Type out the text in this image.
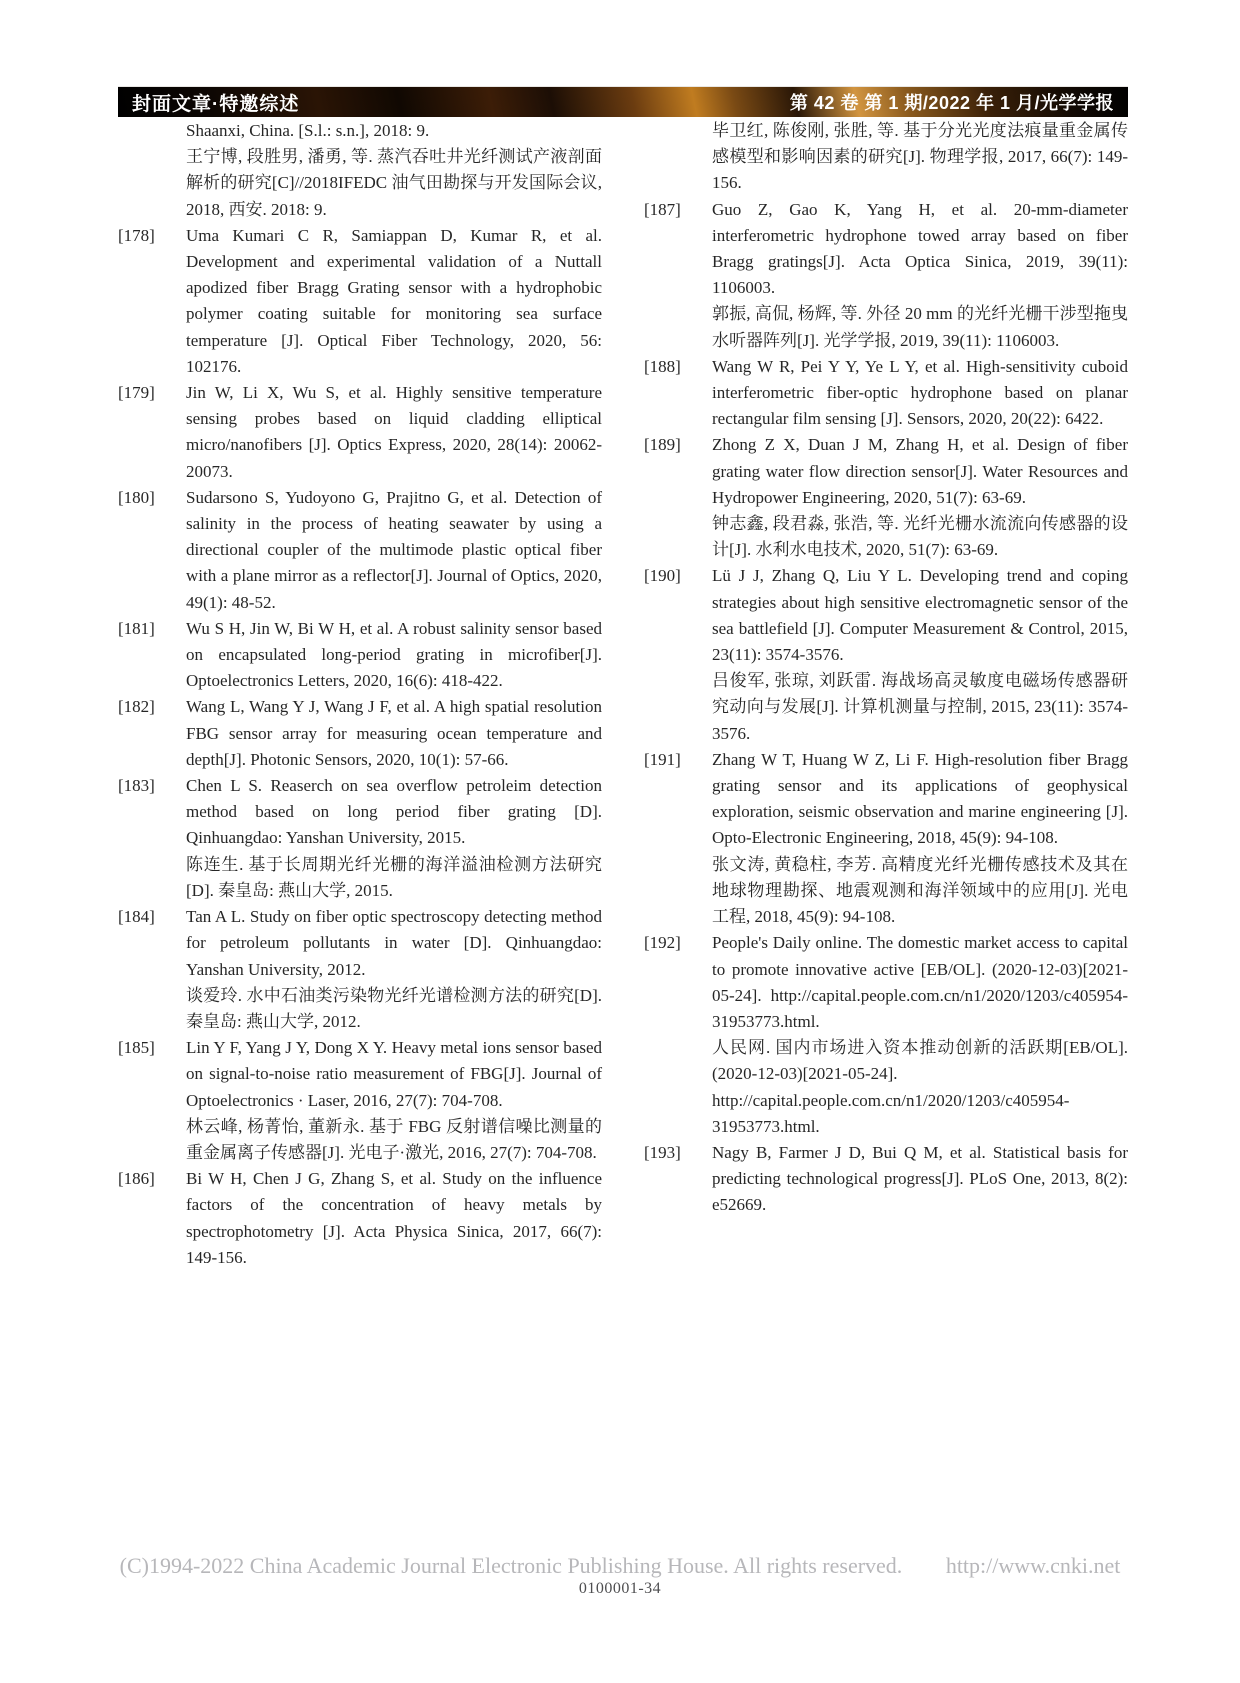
封面文章·特邀综述	第 42 卷 第 1 期/2022 年 1 月/光学学报
Shaanxi, China. [S.l.: s.n.], 2018: 9.
王宁博, 段胜男, 潘勇, 等. 蒸汽吞吐井光纤测试产液剖面解析的研究[C]//2018IFEDC 油气田勘探与开发国际会议, 2018, 西安. 2018: 9.
[178]	Uma Kumari C R, Samiappan D, Kumar R, et al. Development and experimental validation of a Nuttall apodized fiber Bragg Grating sensor with a hydrophobic polymer coating suitable for monitoring sea surface temperature [J]. Optical Fiber Technology, 2020, 56: 102176.
[179]	Jin W, Li X, Wu S, et al. Highly sensitive temperature sensing probes based on liquid cladding elliptical micro/nanofibers [J]. Optics Express, 2020, 28(14): 20062-20073.
[180]	Sudarsono S, Yudoyono G, Prajitno G, et al. Detection of salinity in the process of heating seawater by using a directional coupler of the multimode plastic optical fiber with a plane mirror as a reflector[J]. Journal of Optics, 2020, 49(1): 48-52.
[181]	Wu S H, Jin W, Bi W H, et al. A robust salinity sensor based on encapsulated long-period grating in microfiber[J]. Optoelectronics Letters, 2020, 16(6): 418-422.
[182]	Wang L, Wang Y J, Wang J F, et al. A high spatial resolution FBG sensor array for measuring ocean temperature and depth[J]. Photonic Sensors, 2020, 10(1): 57-66.
[183]	Chen L S. Reaserch on sea overflow petroleim detection method based on long period fiber grating [D]. Qinhuangdao: Yanshan University, 2015.
陈连生. 基于长周期光纤光栅的海洋溢油检测方法研究[D]. 秦皇岛: 燕山大学, 2015.
[184]	Tan A L. Study on fiber optic spectroscopy detecting method for petroleum pollutants in water [D]. Qinhuangdao: Yanshan University, 2012.
谈爱玲. 水中石油类污染物光纤光谱检测方法的研究[D]. 秦皇岛: 燕山大学, 2012.
[185]	Lin Y F, Yang J Y, Dong X Y. Heavy metal ions sensor based on signal-to-noise ratio measurement of FBG[J]. Journal of Optoelectronics · Laser, 2016, 27(7): 704-708.
林云峰, 杨菁怡, 董新永. 基于 FBG 反射谱信噪比测量的重金属离子传感器[J]. 光电子·激光, 2016, 27(7): 704-708.
[186]	Bi W H, Chen J G, Zhang S, et al. Study on the influence factors of the concentration of heavy metals by spectrophotometry [J]. Acta Physica Sinica, 2017, 66(7): 149-156.
毕卫红, 陈俊刚, 张胜, 等. 基于分光光度法痕量重金属传感模型和影响因素的研究[J]. 物理学报, 2017, 66(7): 149-156.
[187]	Guo Z, Gao K, Yang H, et al. 20-mm-diameter interferometric hydrophone towed array based on fiber Bragg gratings[J]. Acta Optica Sinica, 2019, 39(11): 1106003.
郭振, 高侃, 杨辉, 等. 外径 20 mm 的光纤光栅干涉型拖曳水听器阵列[J]. 光学学报, 2019, 39(11): 1106003.
[188]	Wang W R, Pei Y Y, Ye L Y, et al. High-sensitivity cuboid interferometric fiber-optic hydrophone based on planar rectangular film sensing [J]. Sensors, 2020, 20(22): 6422.
[189]	Zhong Z X, Duan J M, Zhang H, et al. Design of fiber grating water flow direction sensor[J]. Water Resources and Hydropower Engineering, 2020, 51(7): 63-69.
钟志鑫, 段君淼, 张浩, 等. 光纤光栅水流流向传感器的设计[J]. 水利水电技术, 2020, 51(7): 63-69.
[190]	Lü J J, Zhang Q, Liu Y L. Developing trend and coping strategies about high sensitive electromagnetic sensor of the sea battlefield [J]. Computer Measurement & Control, 2015, 23(11): 3574-3576.
吕俊军, 张琼, 刘跃雷. 海战场高灵敏度电磁场传感器研究动向与发展[J]. 计算机测量与控制, 2015, 23(11): 3574-3576.
[191]	Zhang W T, Huang W Z, Li F. High-resolution fiber Bragg grating sensor and its applications of geophysical exploration, seismic observation and marine engineering [J]. Opto-Electronic Engineering, 2018, 45(9): 94-108.
张文涛, 黄稳柱, 李芳. 高精度光纤光栅传感技术及其在地球物理勘探、地震观测和海洋领域中的应用[J]. 光电工程, 2018, 45(9): 94-108.
[192]	People's Daily online. The domestic market access to capital to promote innovative active [EB/OL]. (2020-12-03)[2021-05-24]. http://capital.people.com.cn/n1/2020/1203/c405954-31953773.html.
人民网. 国内市场进入资本推动创新的活跃期[EB/OL]. (2020-12-03)[2021-05-24]. http://capital.people.com.cn/n1/2020/1203/c405954-31953773.html.
[193]	Nagy B, Farmer J D, Bui Q M, et al. Statistical basis for predicting technological progress[J]. PLoS One, 2013, 8(2): e52669.
(C)1994-2022 China Academic Journal Electronic Publishing House. All rights reserved. http://www.cnki.net
0100001-34
